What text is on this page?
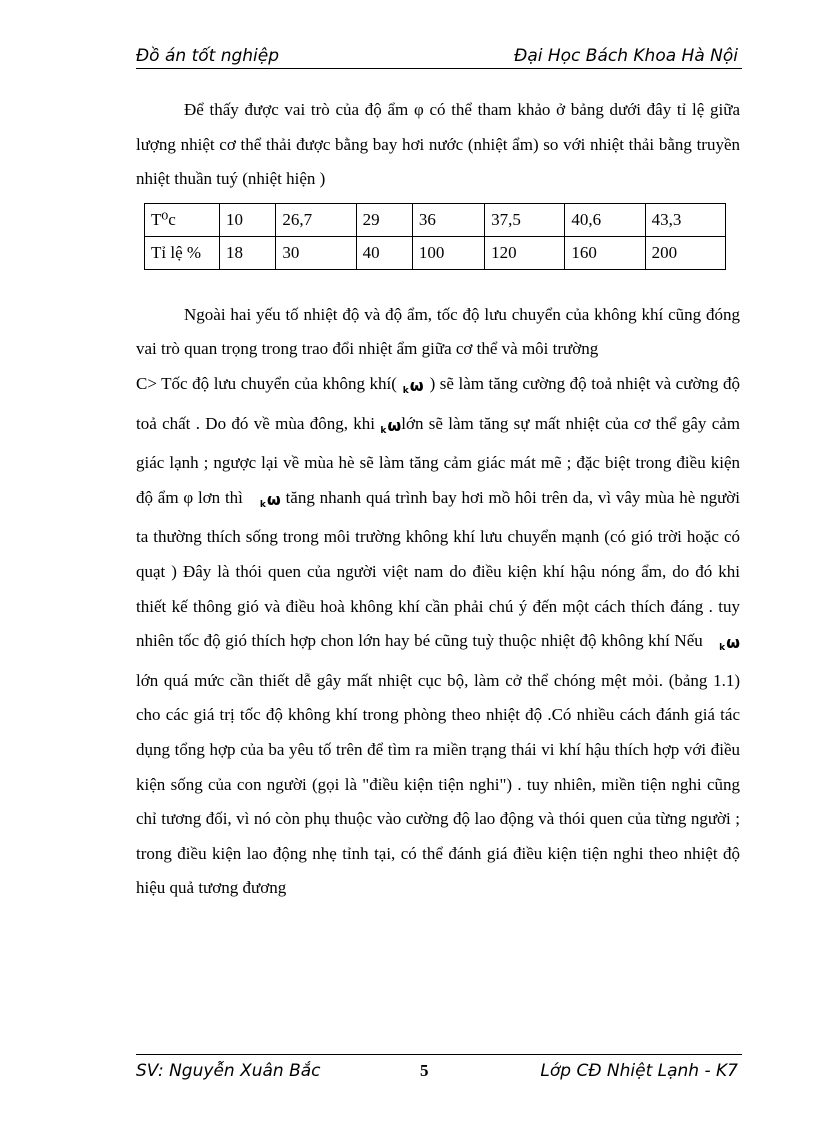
Đồ án tốt nghiệp	Đại Học Bách Khoa Hà Nội

Để thấy được vai trò của độ ẩm φ có thể tham khảo ở bảng dưới đây tỉ lệ giữa lượng nhiệt cơ thể thải được bằng bay hơi nước (nhiệt ẩm) so với nhiệt thải bằng truyền nhiệt thuần tuý (nhiệt hiện )

T⁰c	10	26,7	29	36	37,5	40,6	43,3
Tỉ lệ %	18	30	40	100	120	160	200

Ngoài hai yếu tố nhiệt độ và độ ẩm, tốc độ lưu chuyển của không khí cũng đóng vai trò quan trọng trong trao đổi nhiệt ẩm giữa cơ thể và môi trường

C> Tốc độ lưu chuyển của không khí( $_k$ω ) sẽ làm tăng cường độ toả nhiệt và cường độ toả chất . Do đó về mùa đông, khi $_k$ωlớn sẽ làm tăng sự mất nhiệt của cơ thể gây cảm giác lạnh ; ngược lại về mùa hè sẽ làm tăng cảm giác mát mẽ ; đặc biệt trong điều kiện độ ẩm φ lơn thì   $_k$ω tăng nhanh quá trình bay hơi mồ hôi trên da, vì vây mùa hè người ta thường thích sống trong môi trường không khí lưu chuyển mạnh (có gió trời hoặc có quạt ) Đây là thói quen của người việt nam do điều kiện khí hậu nóng ẩm, do đó khi thiết kế thông gió và điều hoà không khí cần phải chú ý đến một cách thích đáng . tuy nhiên tốc độ gió thích hợp chon lớn hay bé cũng tuỳ thuộc nhiệt độ không khí Nếu   $_k$ω lớn quá mức cần thiết dễ gây mất nhiệt cục bộ, làm cở thể chóng mệt mỏi. (bảng 1.1) cho các giá trị tốc độ không khí trong phòng theo nhiệt độ .Có nhiều cách đánh giá tác dụng tổng hợp của ba yêu tố trên để tìm ra miền trạng thái vi khí hậu thích hợp với điều kiện sống của con người (gọi là "điều kiện tiện nghi") . tuy nhiên, miền tiện nghi cũng chỉ tương đối, vì nó còn phụ thuộc vào cường độ lao động và thói quen của từng người ; trong điều kiện lao động nhẹ tỉnh tại, có thể đánh giá điều kiện tiện nghi theo nhiệt độ hiệu quả tương đương

SV: Nguyễn Xuân Bắc	5	Lớp CĐ Nhiệt Lạnh - K7
